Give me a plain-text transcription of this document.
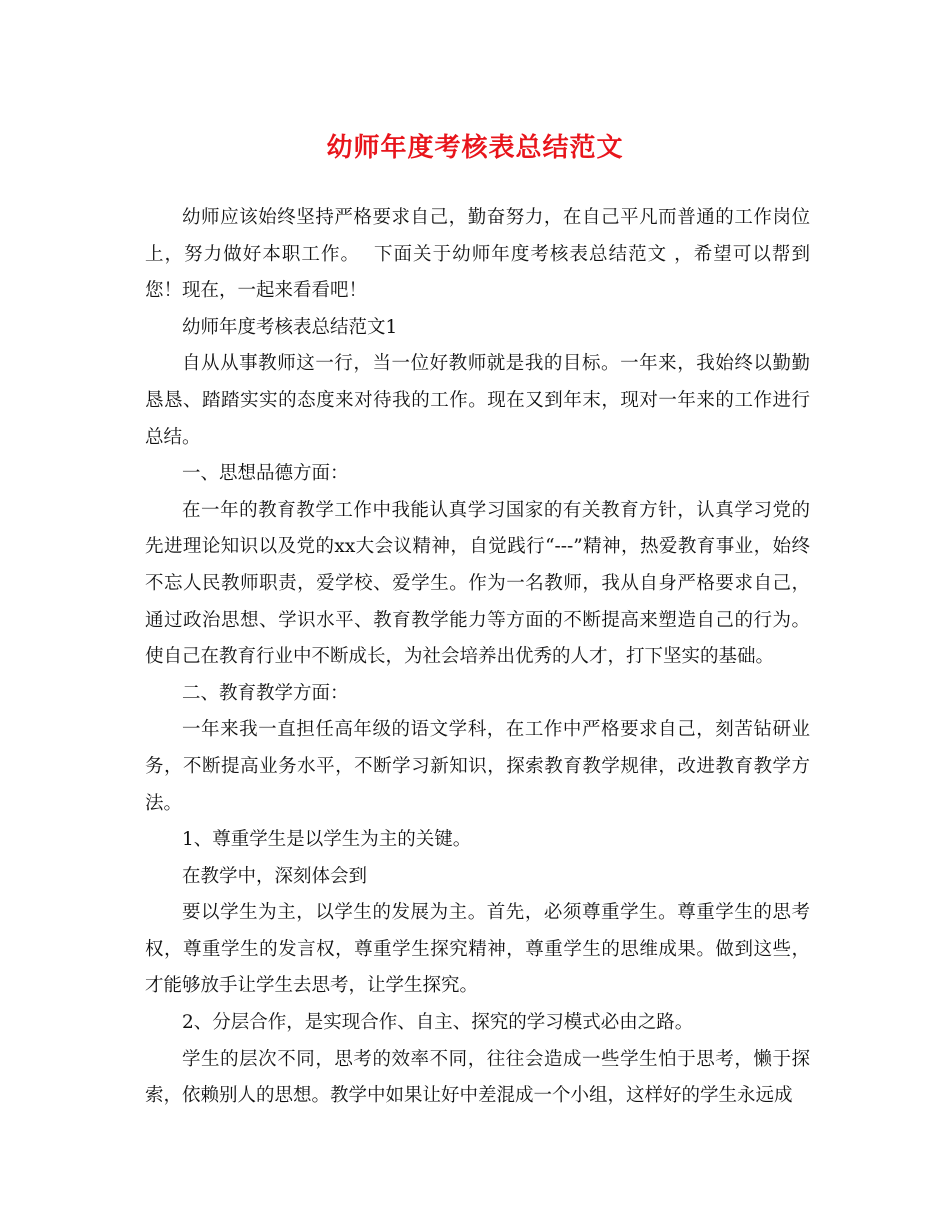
幼师年度考核表总结范文

幼师应该始终坚持严格要求自己，勤奋努力，在自己平凡而普通的工作岗位上，努力做好本职工作。  下面关于幼师年度考核表总结范文 ，希望可以帮到您！现在，一起来看看吧！

幼师年度考核表总结范文1

自从从事教师这一行，当一位好教师就是我的目标。一年来，我始终以勤勤恳恳、踏踏实实的态度来对待我的工作。现在又到年末，现对一年来的工作进行总结。

一、思想品德方面：

在一年的教育教学工作中我能认真学习国家的有关教育方针，认真学习党的先进理论知识以及党的xx大会议精神，自觉践行“---”精神，热爱教育事业，始终不忘人民教师职责，爱学校、爱学生。作为一名教师，我从自身严格要求自己，通过政治思想、学识水平、教育教学能力等方面的不断提高来塑造自己的行为。使自己在教育行业中不断成长，为社会培养出优秀的人才，打下坚实的基础。

二、教育教学方面：

一年来我一直担任高年级的语文学科，在工作中严格要求自己，刻苦钻研业务，不断提高业务水平，不断学习新知识，探索教育教学规律，改进教育教学方法。

1、尊重学生是以学生为主的关键。

在教学中，深刻体会到

要以学生为主，以学生的发展为主。首先，必须尊重学生。尊重学生的思考权，尊重学生的发言权，尊重学生探究精神，尊重学生的思维成果。做到这些，才能够放手让学生去思考，让学生探究。

2、分层合作，是实现合作、自主、探究的学习模式必由之路。

学生的层次不同，思考的效率不同，往往会造成一些学生怕于思考，懒于探索，依赖别人的思想。教学中如果让好中差混成一个小组，这样好的学生永远成
